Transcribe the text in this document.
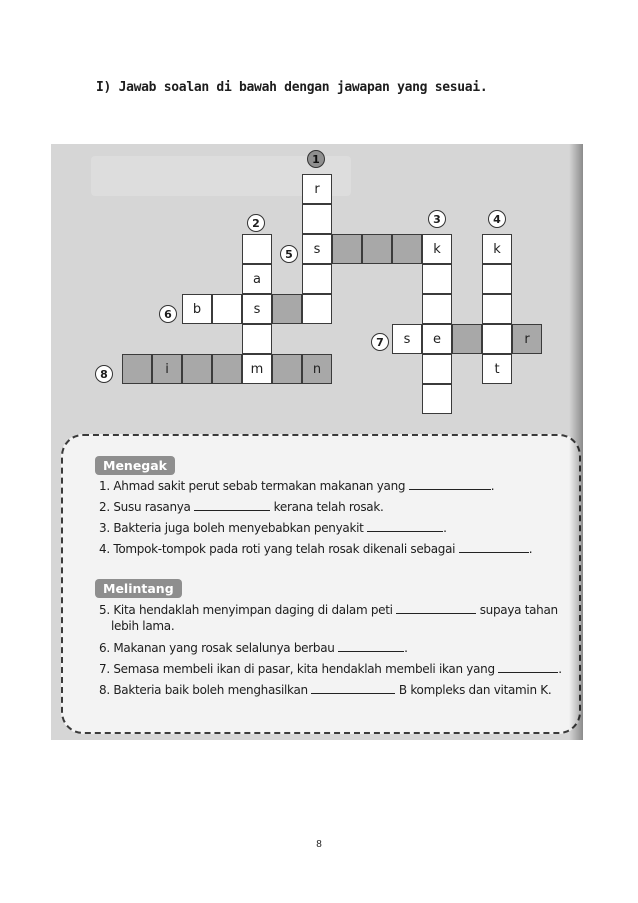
I) Jawab soalan di bawah dengan jawapan yang sesuai.
1
2	3	4
5
6
7
8
r
s
n
k
e
k
t
a
s
m
b
s	r
i
Menegak
1. Ahmad sakit perut sebab termakan makanan yang	.
2. Susu rasanya	kerana telah rosak.
3. Bakteria juga boleh menyebabkan penyakit	.
4. Tompok-tompok pada roti yang telah rosak dikenali sebagai	.
Melintang
5. Kita hendaklah menyimpan daging di dalam peti	supaya tahan
lebih lama.
6. Makanan yang rosak selalunya berbau	.
7. Semasa membeli ikan di pasar, kita hendaklah membeli ikan yang	.
8. Bakteria baik boleh menghasilkan	B kompleks dan vitamin K.
8
